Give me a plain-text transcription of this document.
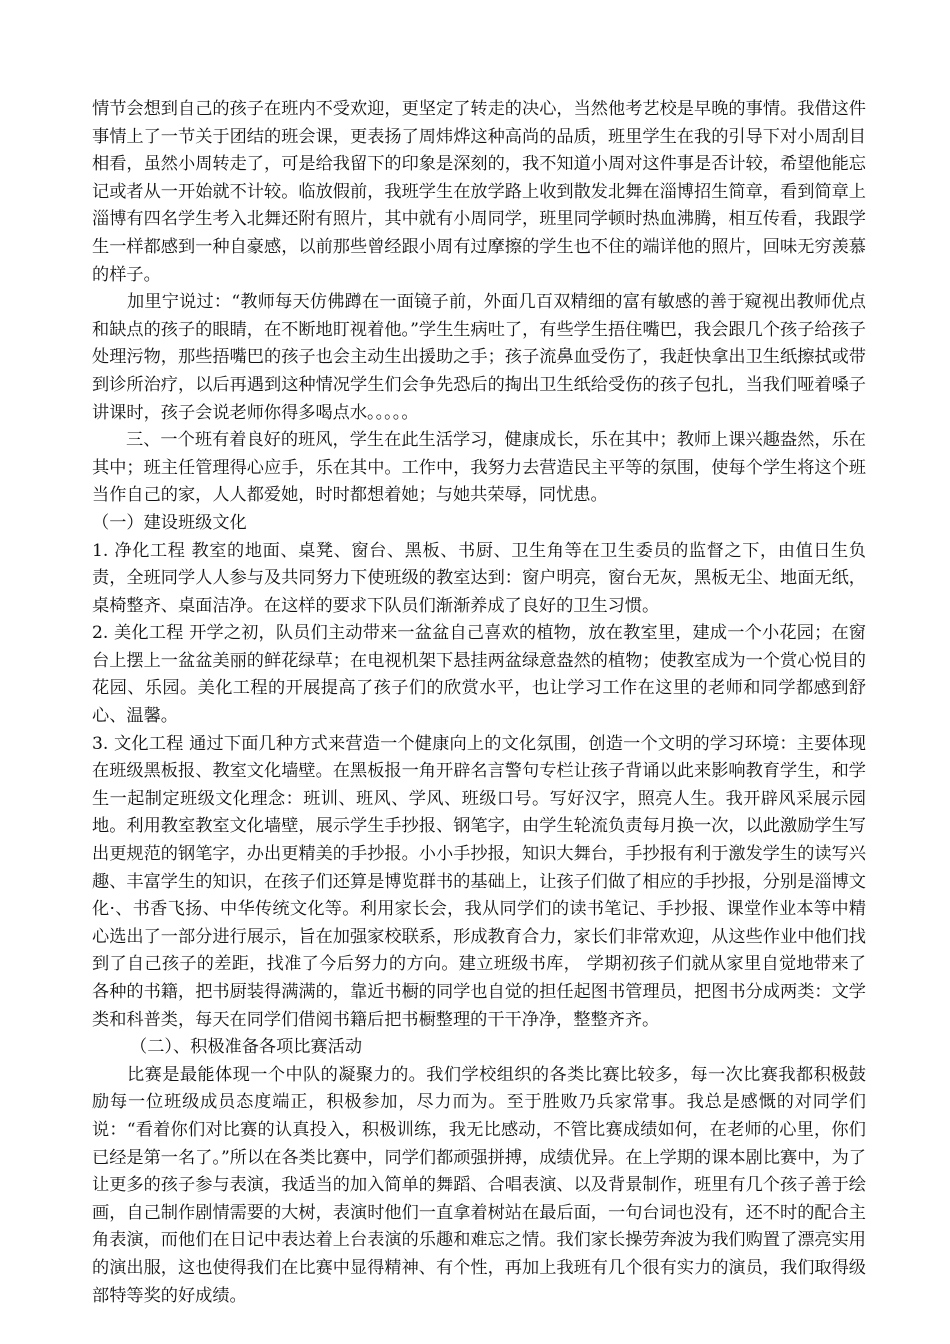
情节会想到自己的孩子在班内不受欢迎，更坚定了转走的决心，当然他考艺校是早晚的事情。我借这件事情上了一节关于团结的班会课，更表扬了周炜烨这种高尚的品质，班里学生在我的引导下对小周刮目相看，虽然小周转走了，可是给我留下的印象是深刻的，我不知道小周对这件事是否计较，希望他能忘记或者从一开始就不计较。临放假前，我班学生在放学路上收到散发北舞在淄博招生简章，看到简章上淄博有四名学生考入北舞还附有照片，其中就有小周同学，班里同学顿时热血沸腾，相互传看，我跟学生一样都感到一种自豪感，以前那些曾经跟小周有过摩擦的学生也不住的端详他的照片，回味无穷羡慕的样子。

加里宁说过：“教师每天仿佛蹲在一面镜子前，外面几百双精细的富有敏感的善于窥视出教师优点和缺点的孩子的眼睛，在不断地盯视着他。”学生生病吐了，有些学生捂住嘴巴，我会跟几个孩子给孩子处理污物，那些捂嘴巴的孩子也会主动生出援助之手；孩子流鼻血受伤了，我赶快拿出卫生纸擦拭或带到诊所治疗，以后再遇到这种情况学生们会争先恐后的掏出卫生纸给受伤的孩子包扎，当我们哑着嗓子讲课时，孩子会说老师你得多喝点水。。。。。

三、一个班有着良好的班风，学生在此生活学习，健康成长，乐在其中；教师上课兴趣盎然，乐在其中；班主任管理得心应手，乐在其中。工作中，我努力去营造民主平等的氛围，使每个学生将这个班当作自己的家，人人都爱她，时时都想着她；与她共荣辱，同忧患。

（一）建设班级文化

1. 净化工程 教室的地面、桌凳、窗台、黑板、书厨、卫生角等在卫生委员的监督之下，由值日生负责，全班同学人人参与及共同努力下使班级的教室达到：窗户明亮，窗台无灰，黑板无尘、地面无纸，桌椅整齐、桌面洁净。在这样的要求下队员们渐渐养成了良好的卫生习惯。

2. 美化工程 开学之初，队员们主动带来一盆盆自己喜欢的植物，放在教室里，建成一个小花园；在窗台上摆上一盆盆美丽的鲜花绿草；在电视机架下悬挂两盆绿意盎然的植物；使教室成为一个赏心悦目的花园、乐园。美化工程的开展提高了孩子们的欣赏水平，也让学习工作在这里的老师和同学都感到舒心、温馨。

3. 文化工程 通过下面几种方式来营造一个健康向上的文化氛围，创造一个文明的学习环境：主要体现在班级黑板报、教室文化墙壁。在黑板报一角开辟名言警句专栏让孩子背诵以此来影响教育学生，和学生一起制定班级文化理念：班训、班风、学风、班级口号。写好汉字，照亮人生。我开辟风采展示园地。利用教室教室文化墙壁，展示学生手抄报、钢笔字，由学生轮流负责每月换一次，以此激励学生写出更规范的钢笔字，办出更精美的手抄报。小小手抄报，知识大舞台，手抄报有利于激发学生的读写兴趣、丰富学生的知识，在孩子们还算是博览群书的基础上，让孩子们做了相应的手抄报，分别是淄博文化·、书香飞扬、中华传统文化等。利用家长会，我从同学们的读书笔记、手抄报、课堂作业本等中精心选出了一部分进行展示，旨在加强家校联系，形成教育合力，家长们非常欢迎，从这些作业中他们找到了自己孩子的差距，找准了今后努力的方向。建立班级书库， 学期初孩子们就从家里自觉地带来了各种的书籍，把书厨装得满满的，靠近书橱的同学也自觉的担任起图书管理员，把图书分成两类：文学类和科普类，每天在同学们借阅书籍后把书橱整理的干干净净，整整齐齐。

（二）、积极准备各项比赛活动

比赛是最能体现一个中队的凝聚力的。我们学校组织的各类比赛比较多，每一次比赛我都积极鼓励每一位班级成员态度端正，积极参加，尽力而为。至于胜败乃兵家常事。我总是感慨的对同学们说：“看着你们对比赛的认真投入，积极训练，我无比感动，不管比赛成绩如何，在老师的心里，你们已经是第一名了。”所以在各类比赛中，同学们都顽强拼搏，成绩优异。在上学期的课本剧比赛中，为了让更多的孩子参与表演，我适当的加入简单的舞蹈、合唱表演、以及背景制作，班里有几个孩子善于绘画，自己制作剧情需要的大树，表演时他们一直拿着树站在最后面，一句台词也没有，还不时的配合主角表演，而他们在日记中表达着上台表演的乐趣和难忘之情。我们家长操劳奔波为我们购置了漂亮实用的演出服，这也使得我们在比赛中显得精神、有个性，再加上我班有几个很有实力的演员，我们取得级部特等奖的好成绩。
